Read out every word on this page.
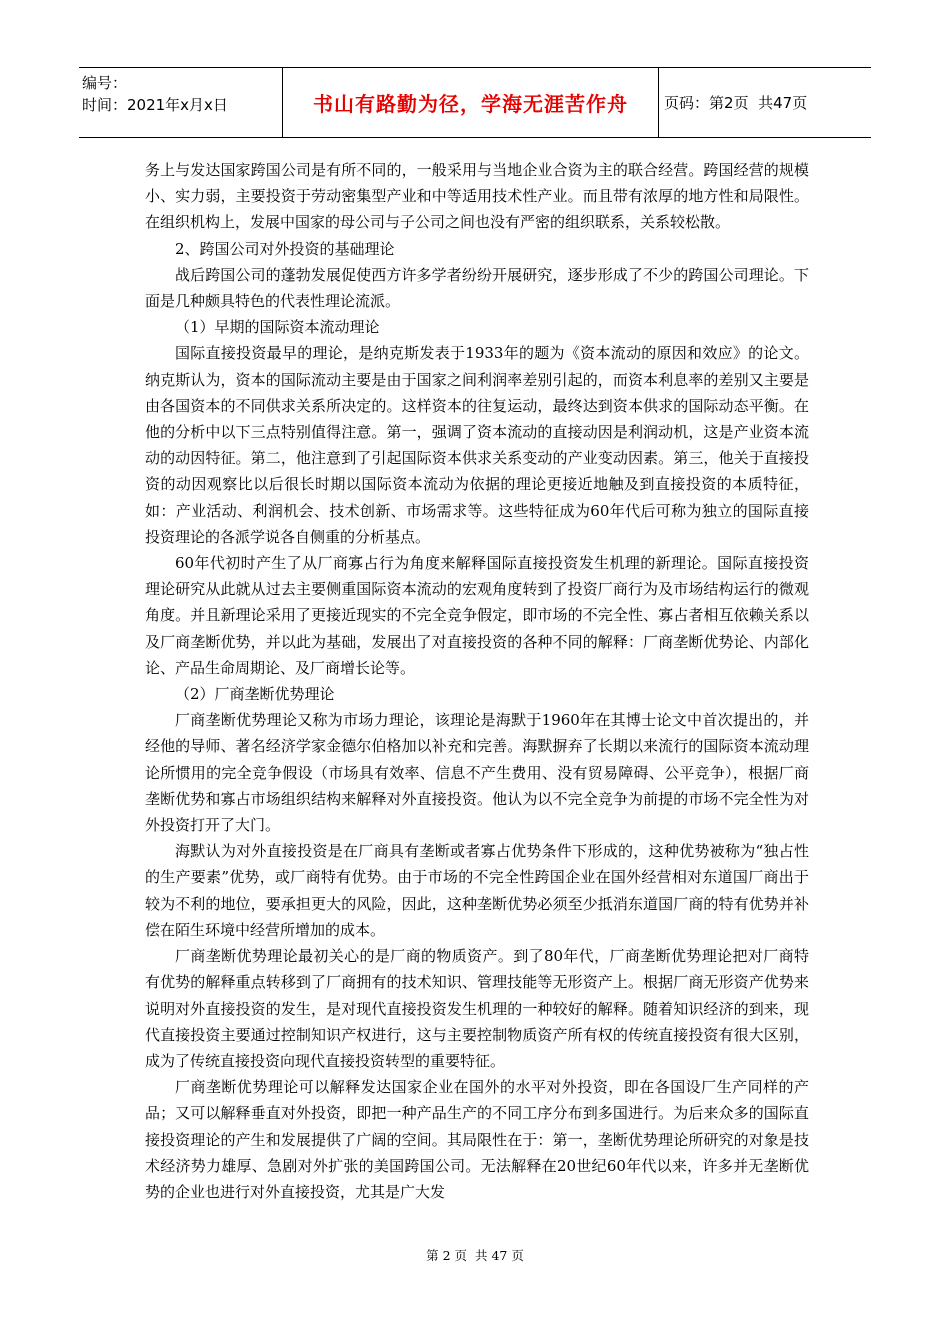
编号：
时间：2021年x月x日	书山有路勤为径，学海无涯苦作舟 页码：第 2 页  共 47 页

务上与发达国家跨国公司是有所不同的，一般采用与当地企业合资为主的联合经营。跨国经营的规模小、实力弱，主要投资于劳动密集型产业和中等适用技术性产业。而且带有浓厚的地方性和局限性。在组织机构上，发展中国家的母公司与子公司之间也没有严密的组织联系，关系较松散。

2、跨国公司对外投资的基础理论

战后跨国公司的蓬勃发展促使西方许多学者纷纷开展研究，逐步形成了不少的跨国公司理论。下面是几种颇具特色的代表性理论流派。

（1）早期的国际资本流动理论

国际直接投资最早的理论，是纳克斯发表于1933年的题为《资本流动的原因和效应》的论文。纳克斯认为，资本的国际流动主要是由于国家之间利润率差别引起的，而资本利息率的差别又主要是由各国资本的不同供求关系所决定的。这样资本的往复运动，最终达到资本供求的国际动态平衡。在他的分析中以下三点特别值得注意。第一，强调了资本流动的直接动因是利润动机，这是产业资本流动的动因特征。第二，他注意到了引起国际资本供求关系变动的产业变动因素。第三，他关于直接投资的动因观察比以后很长时期以国际资本流动为依据的理论更接近地触及到直接投资的本质特征，如：产业活动、利润机会、技术创新、市场需求等。这些特征成为60年代后可称为独立的国际直接投资理论的各派学说各自侧重的分析基点。

60年代初时产生了从厂商寡占行为角度来解释国际直接投资发生机理的新理论。国际直接投资理论研究从此就从过去主要侧重国际资本流动的宏观角度转到了投资厂商行为及市场结构运行的微观角度。并且新理论采用了更接近现实的不完全竞争假定，即市场的不完全性、寡占者相互依赖关系以及厂商垄断优势，并以此为基础，发展出了对直接投资的各种不同的解释：厂商垄断优势论、内部化论、产品生命周期论、及厂商增长论等。

（2）厂商垄断优势理论

厂商垄断优势理论又称为市场力理论，该理论是海默于1960年在其博士论文中首次提出的，并经他的导师、著名经济学家金德尔伯格加以补充和完善。海默摒弃了长期以来流行的国际资本流动理论所惯用的完全竞争假设（市场具有效率、信息不产生费用、没有贸易障碍、公平竞争），根据厂商垄断优势和寡占市场组织结构来解释对外直接投资。他认为以不完全竞争为前提的市场不完全性为对外投资打开了大门。

海默认为对外直接投资是在厂商具有垄断或者寡占优势条件下形成的，这种优势被称为“独占性的生产要素”优势，或厂商特有优势。由于市场的不完全性跨国企业在国外经营相对东道国厂商出于较为不利的地位，要承担更大的风险，因此，这种垄断优势必须至少抵消东道国厂商的特有优势并补偿在陌生环境中经营所增加的成本。

厂商垄断优势理论最初关心的是厂商的物质资产。到了80年代，厂商垄断优势理论把对厂商特有优势的解释重点转移到了厂商拥有的技术知识、管理技能等无形资产上。根据厂商无形资产优势来说明对外直接投资的发生，是对现代直接投资发生机理的一种较好的解释。随着知识经济的到来，现代直接投资主要通过控制知识产权进行，这与主要控制物质资产所有权的传统直接投资有很大区别，成为了传统直接投资向现代直接投资转型的重要特征。

厂商垄断优势理论可以解释发达国家企业在国外的水平对外投资，即在各国设厂生产同样的产品；又可以解释垂直对外投资，即把一种产品生产的不同工序分布到多国进行。为后来众多的国际直接投资理论的产生和发展提供了广阔的空间。其局限性在于：第一，垄断优势理论所研究的对象是技术经济势力雄厚、急剧对外扩张的美国跨国公司。无法解释在20世纪60年代以来，许多并无垄断优势的企业也进行对外直接投资，尤其是广大发

第 2 页  共 47 页
